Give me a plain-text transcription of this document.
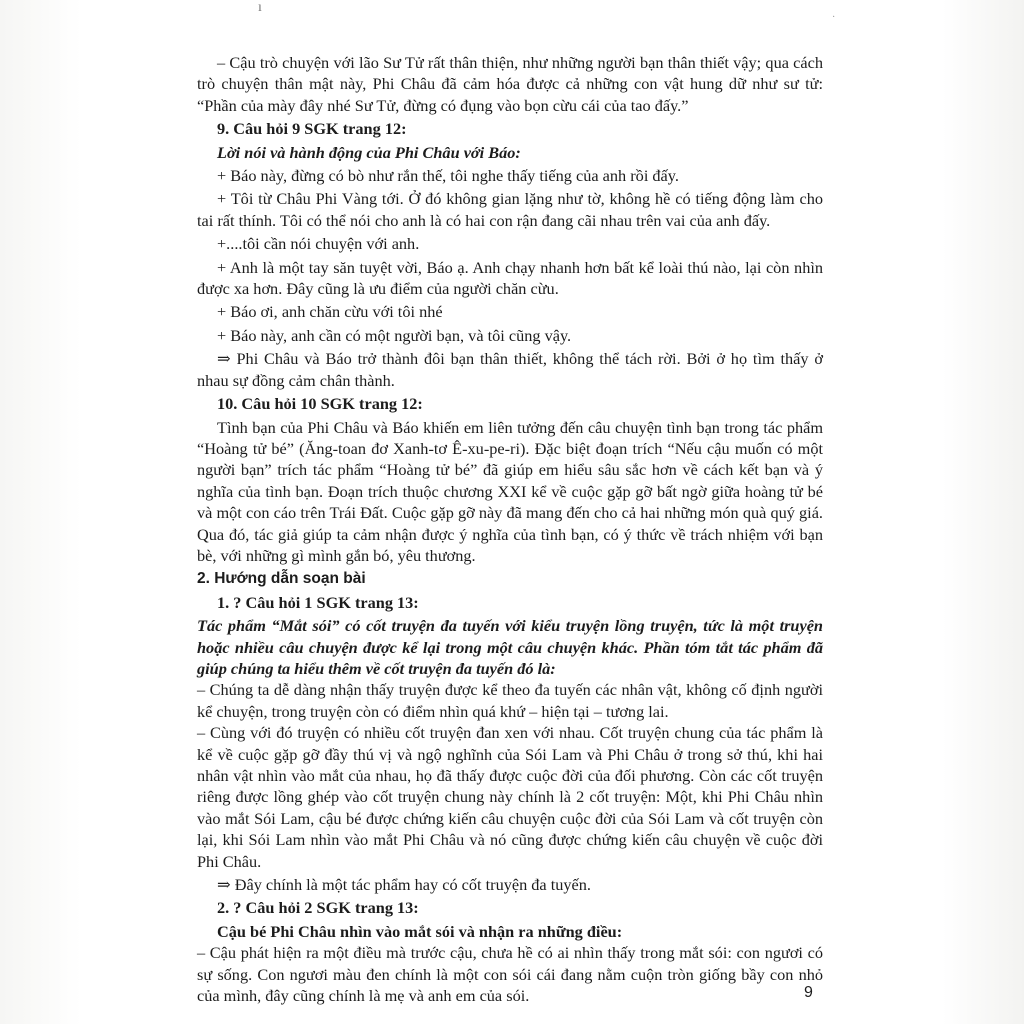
ı
·

– Cậu trò chuyện với lão Sư Tử rất thân thiện, như những người bạn thân thiết vậy; qua cách trò chuyện thân mật này, Phi Châu đã cảm hóa được cả những con vật hung dữ như sư tử: “Phần của mày đây nhé Sư Tử, đừng có đụng vào bọn cừu cái của tao đấy.”

9. Câu hỏi 9 SGK trang 12:

Lời nói và hành động của Phi Châu với Báo:

+ Báo này, đừng có bò như rắn thế, tôi nghe thấy tiếng của anh rồi đấy.

+ Tôi từ Châu Phi Vàng tới. Ở đó không gian lặng như tờ, không hề có tiếng động làm cho tai rất thính. Tôi có thể nói cho anh là có hai con rận đang cãi nhau trên vai của anh đấy.

+....tôi cần nói chuyện với anh.

+ Anh là một tay săn tuyệt vời, Báo ạ. Anh chạy nhanh hơn bất kể loài thú nào, lại còn nhìn được xa hơn. Đây cũng là ưu điểm của người chăn cừu.

+ Báo ơi, anh chăn cừu với tôi nhé

+ Báo này, anh cần có một người bạn, và tôi cũng vậy.

⇒ Phi Châu và Báo trở thành đôi bạn thân thiết, không thể tách rời. Bởi ở họ tìm thấy ở nhau sự đồng cảm chân thành.

10. Câu hỏi 10 SGK trang 12:

Tình bạn của Phi Châu và Báo khiến em liên tưởng đến câu chuyện tình bạn trong tác phẩm “Hoàng tử bé” (Ăng-toan đơ Xanh-tơ Ê-xu-pe-ri). Đặc biệt đoạn trích “Nếu cậu muốn có một người bạn” trích tác phẩm “Hoàng tử bé” đã giúp em hiểu sâu sắc hơn về cách kết bạn và ý nghĩa của tình bạn. Đoạn trích thuộc chương XXI kể về cuộc gặp gỡ bất ngờ giữa hoàng tử bé và một con cáo trên Trái Đất. Cuộc gặp gỡ này đã mang đến cho cả hai những món quà quý giá. Qua đó, tác giả giúp ta cảm nhận được ý nghĩa của tình bạn, có ý thức về trách nhiệm với bạn bè, với những gì mình gắn bó, yêu thương.

2. Hướng dẫn soạn bài

1. ? Câu hỏi 1 SGK trang 13:

Tác phẩm “Mắt sói” có cốt truyện đa tuyến với kiểu truyện lồng truyện, tức là một truyện hoặc nhiều câu chuyện được kể lại trong một câu chuyện khác. Phần tóm tắt tác phẩm đã giúp chúng ta hiểu thêm về cốt truyện đa tuyến đó là:

– Chúng ta dễ dàng nhận thấy truyện được kể theo đa tuyến các nhân vật, không cố định người kể chuyện, trong truyện còn có điểm nhìn quá khứ – hiện tại – tương lai.

– Cùng với đó truyện có nhiều cốt truyện đan xen với nhau. Cốt truyện chung của tác phẩm là kể về cuộc gặp gỡ đầy thú vị và ngộ nghĩnh của Sói Lam và Phi Châu ở trong sở thú, khi hai nhân vật nhìn vào mắt của nhau, họ đã thấy được cuộc đời của đối phương. Còn các cốt truyện riêng được lồng ghép vào cốt truyện chung này chính là 2 cốt truyện: Một, khi Phi Châu nhìn vào mắt Sói Lam, cậu bé được chứng kiến câu chuyện cuộc đời của Sói Lam và cốt truyện còn lại, khi Sói Lam nhìn vào mắt Phi Châu và nó cũng được chứng kiến câu chuyện về cuộc đời Phi Châu.

⇒ Đây chính là một tác phẩm hay có cốt truyện đa tuyến.

2. ? Câu hỏi 2 SGK trang 13:

Cậu bé Phi Châu nhìn vào mắt sói và nhận ra những điều:

– Cậu phát hiện ra một điều mà trước cậu, chưa hề có ai nhìn thấy trong mắt sói: con ngươi có sự sống. Con ngươi màu đen chính là một con sói cái đang nằm cuộn tròn giống bầy con nhỏ của mình, đây cũng chính là mẹ và anh em của sói.	9
